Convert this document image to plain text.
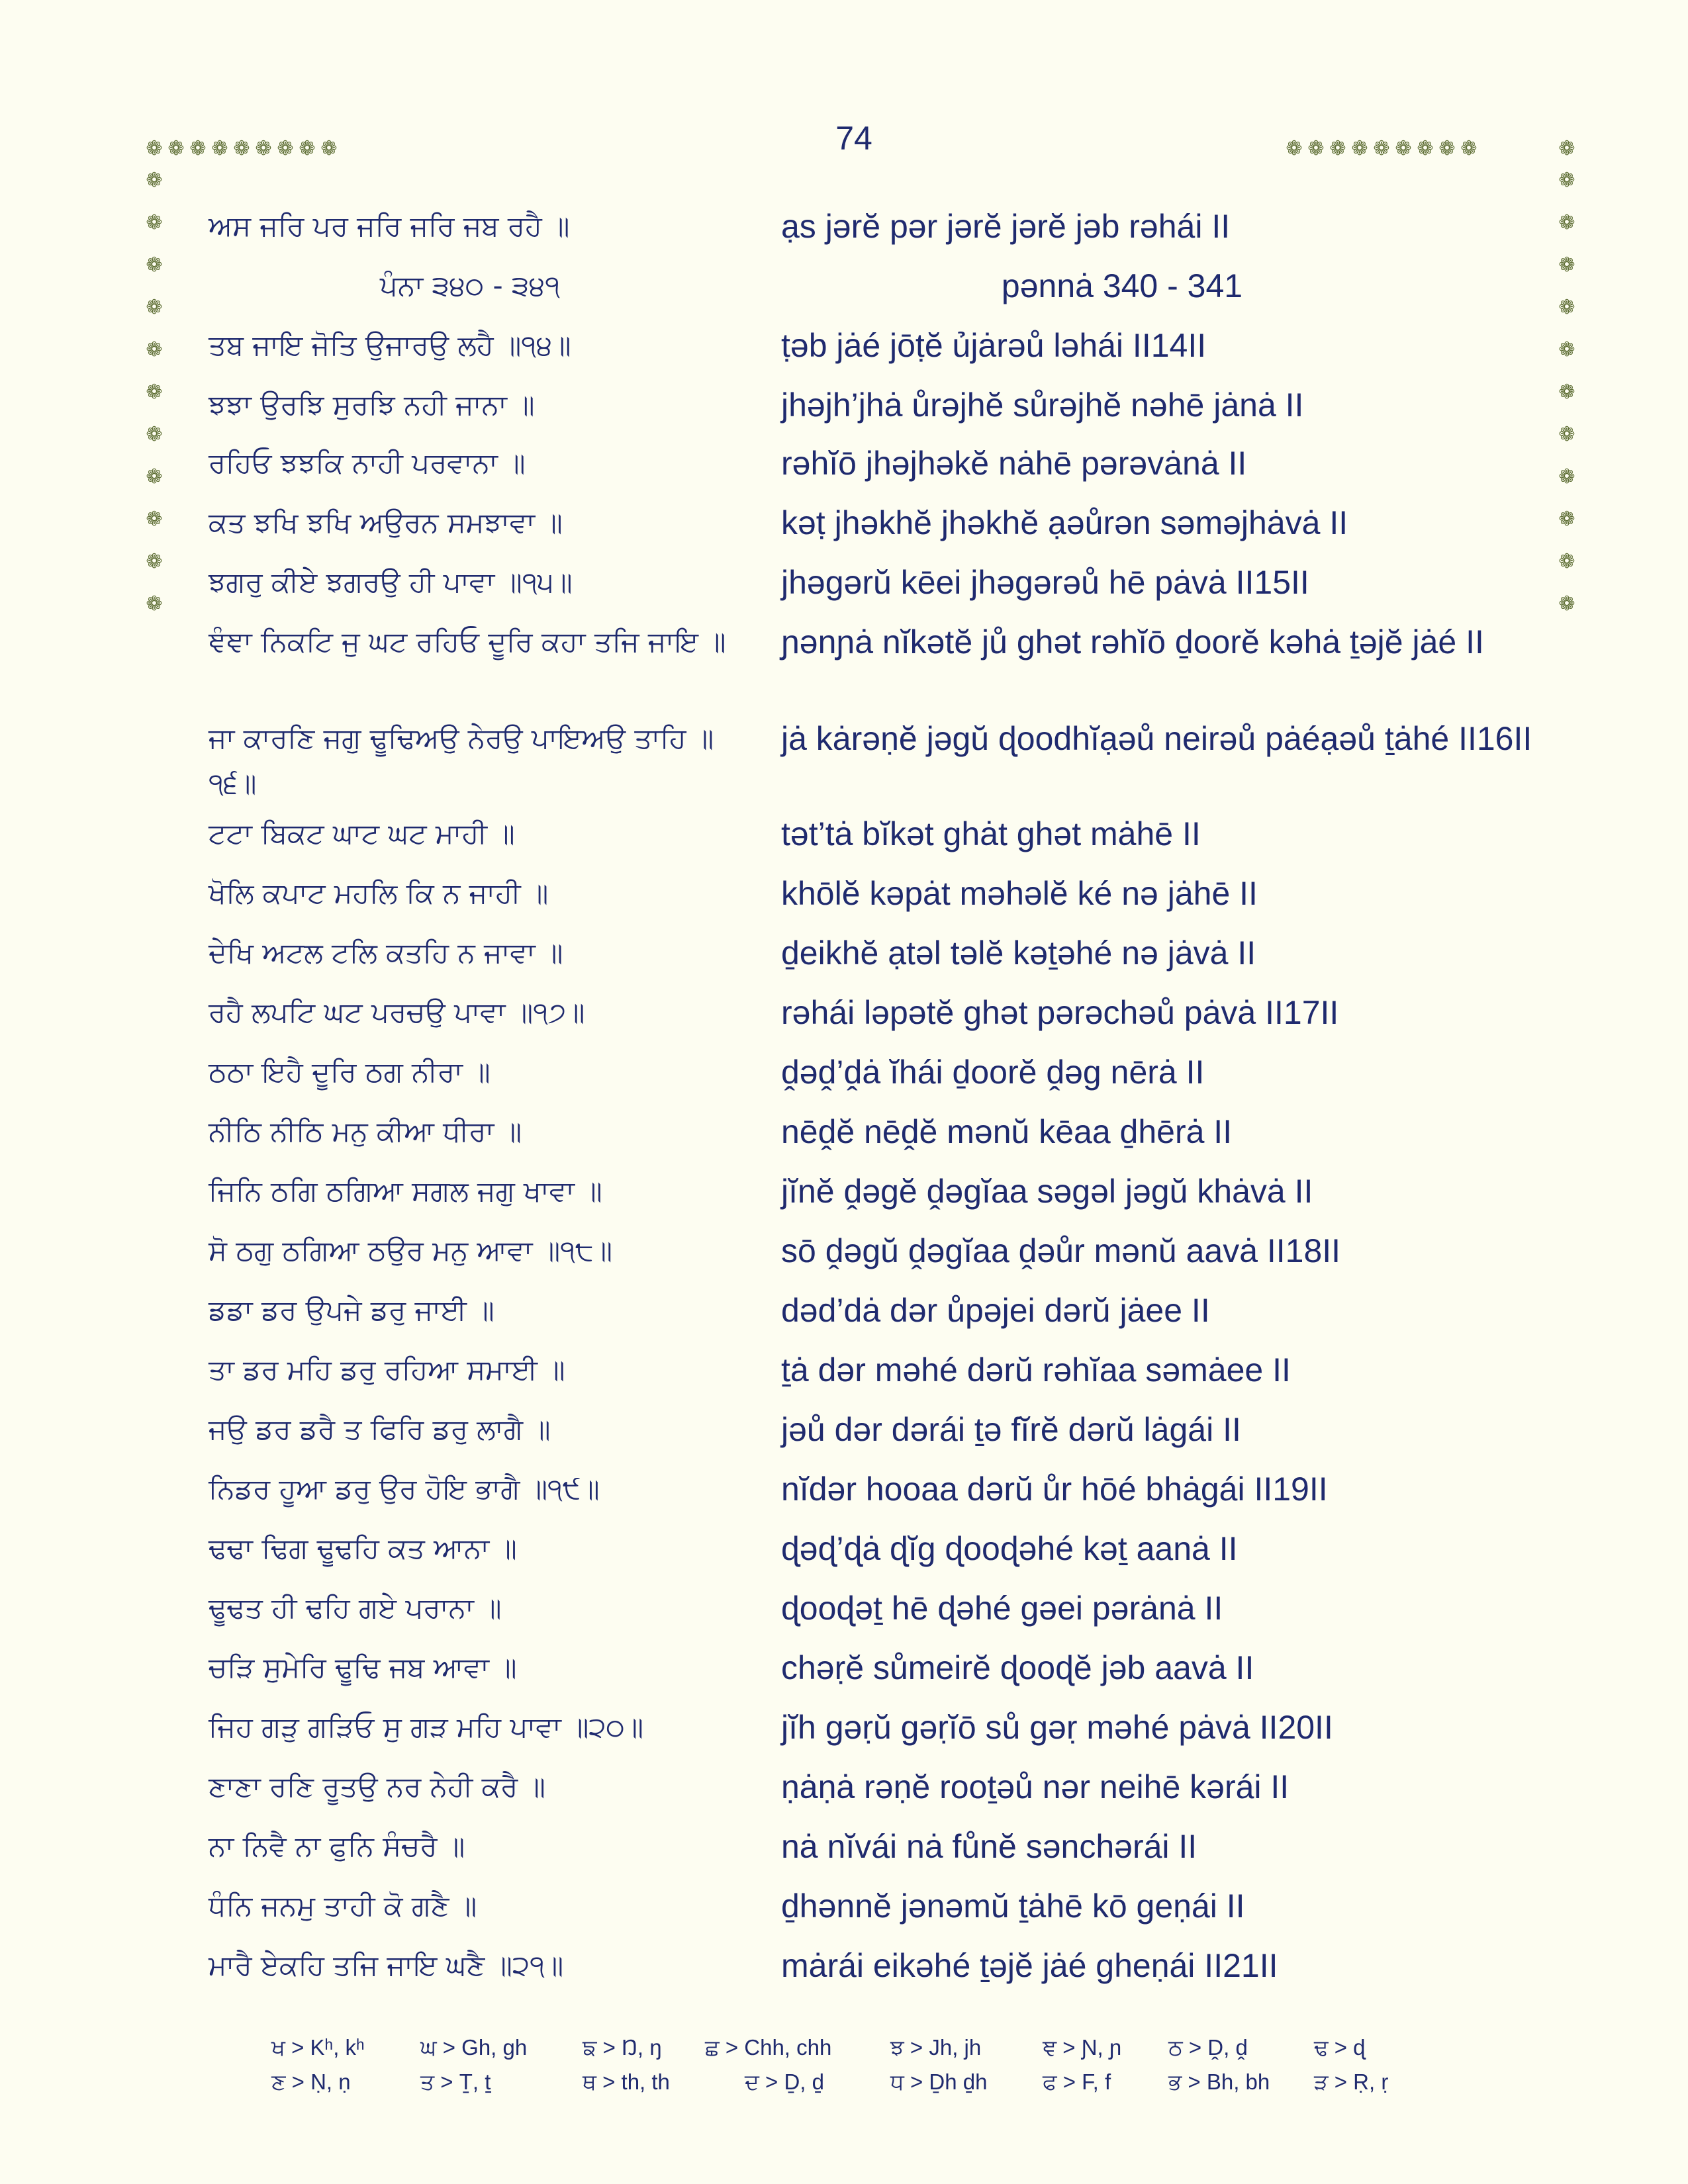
74
❁ ❁ ❁ ❁ ❁ ❁ ❁ ❁ ❁	❁ ❁ ❁ ❁ ❁ ❁ ❁ ❁ ❁	❁
❁
❁
❁
❁
❁
❁
❁
❁
❁
❁
❁
❁
❁
❁
❁
❁
❁
❁
❁
❁
❁
❁
ਅਸ ਜਰਿ ਪਰ ਜਰਿ ਜਰਿ ਜਬ ਰਹੈ ॥	ạs jərĕ pər jərĕ jərĕ jəb rəhái II
ਪੰਨਾ ੩੪੦ - ੩੪੧	pənnȧ 340 - 341
ਤਬ ਜਾਇ ਜੋਤਿ ਉਜਾਰਉ ਲਹੈ ॥੧੪॥	ṭəb jȧé jōṭĕ ủjȧrəů ləhái II14II
ਝਝਾ ਉਰਝਿ ਸੁਰਝਿ ਨਹੀ ਜਾਨਾ ॥	jhəjh’jhȧ ůrəjhĕ sůrəjhĕ nəhē jȧnȧ II
ਰਹਿਓ ਝਝਕਿ ਨਾਹੀ ਪਰਵਾਨਾ ॥	rəhĭō jhəjhəkĕ nȧhē pərəvȧnȧ II
ਕਤ ਝਖਿ ਝਖਿ ਅਉਰਨ ਸਮਝਾਵਾ ॥	kəṭ jhəkhĕ jhəkhĕ ạəůrən səməjhȧvȧ II
ਝਗਰੁ ਕੀਏ ਝਗਰਉ ਹੀ ਪਾਵਾ ॥੧੫॥	jhəgərŭ kēei jhəgərəů hē pȧvȧ II15II
ਞੰਞਾ ਨਿਕਟਿ ਜੁ ਘਟ ਰਹਿਓ ਦੂਰਿ ਕਹਾ ਤਜਿ ਜਾਇ ॥ ɲənɲȧ nĭkətĕ jů ghət rəhĭō ḏoorĕ kəhȧ ṯəjĕ jȧé II
ਜਾ ਕਾਰਣਿ ਜਗੁ ਢੂਢਿਅਉ ਨੇਰਉ ਪਾਇਅਉ ਤਾਹਿ ॥੧੬॥
jȧ kȧrəṇĕ jəgŭ ɖoodhĭạəů neirəů pȧéạəů ṯȧhé II16II
ਟਟਾ ਬਿਕਟ ਘਾਟ ਘਟ ਮਾਹੀ ॥	tət’tȧ bĭkət ghȧt ghət mȧhē II
ਖੋਲਿ ਕਪਾਟ ਮਹਲਿ ਕਿ ਨ ਜਾਹੀ ॥	khōlĕ kəpȧt məhəlĕ ké nə jȧhē II
ਦੇਖਿ ਅਟਲ ਟਲਿ ਕਤਹਿ ਨ ਜਾਵਾ ॥	ḏeikhĕ ạtəl təlĕ kəṯəhé nə jȧvȧ II
ਰਹੈ ਲਪਟਿ ਘਟ ਪਰਚਉ ਪਾਵਾ ॥੧੭॥	rəhái ləpətĕ ghət pərəchəů pȧvȧ II17II
ਠਠਾ ਇਹੈ ਦੂਰਿ ਠਗ ਨੀਰਾ ॥	ḓəḓ’ḓȧ ĭhái ḏoorĕ ḓəg nērȧ II
ਨੀਠਿ ਨੀਠਿ ਮਨੁ ਕੀਆ ਧੀਰਾ ॥	nēḓĕ nēḓĕ mənŭ kēaa ḏhērȧ II
ਜਿਨਿ ਠਗਿ ਠਗਿਆ ਸਗਲ ਜਗੁ ਖਾਵਾ ॥	jĭnĕ ḓəgĕ ḓəgĭaa səgəl jəgŭ khȧvȧ II
ਸੋ ਠਗੁ ਠਗਿਆ ਠਉਰ ਮਨੁ ਆਵਾ ॥੧੮॥	sō ḓəgŭ ḓəgĭaa ḓəůr mənŭ aavȧ II18II
ਡਡਾ ਡਰ ਉਪਜੇ ਡਰੁ ਜਾਈ ॥	dəd’dȧ dər ůpəjei dərŭ jȧee II
ਤਾ ਡਰ ਮਹਿ ਡਰੁ ਰਹਿਆ ਸਮਾਈ ॥	ṯȧ dər məhé dərŭ rəhĭaa səmȧee II
ਜਉ ਡਰ ਡਰੈ ਤ ਫਿਰਿ ਡਰੁ ਲਾਗੈ ॥	jəů dər dərái ṯə fĭrĕ dərŭ lȧgái II
ਨਿਡਰ ਹੂਆ ਡਰੁ ਉਰ ਹੋਇ ਭਾਗੈ ॥੧੯॥	nĭdər hooaa dərŭ ůr hōé bhȧgái II19II
ਢਢਾ ਢਿਗ ਢੂਢਹਿ ਕਤ ਆਨਾ ॥	ɖəɖ’ɖȧ ɖĭg ɖooɖəhé kəṯ aanȧ II
ਢੂਢਤ ਹੀ ਢਹਿ ਗਏ ਪਰਾਨਾ ॥	ɖooɖəṯ hē ɖəhé gəei pərȧnȧ II
ਚੜਿ ਸੁਮੇਰਿ ਢੂਢਿ ਜਬ ਆਵਾ ॥	chəṛĕ sůmeirĕ ɖooɖĕ jəb aavȧ II
ਜਿਹ ਗੜੁ ਗੜਿਓ ਸੁ ਗੜ ਮਹਿ ਪਾਵਾ ॥੨੦॥	jĭh gəṛŭ gəṛĭō sů gəṛ məhé pȧvȧ II20II
ਣਾਣਾ ਰਣਿ ਰੂਤਉ ਨਰ ਨੇਹੀ ਕਰੈ ॥	ṇȧṇȧ rəṇĕ rooṯəů nər neihē kərái II
ਨਾ ਨਿਵੈ ਨਾ ਫੁਨਿ ਸੰਚਰੈ ॥	nȧ nĭvái nȧ fůnĕ sənchərái II
ਧੰਨਿ ਜਨਮੁ ਤਾਹੀ ਕੋ ਗਣੈ ॥	ḏhənnĕ jənəmŭ ṯȧhē kō geṇái II
ਮਾਰੈ ਏਕਹਿ ਤਜਿ ਜਾਇ ਘਣੈ ॥੨੧॥	mȧrái eikəhé ṯəjĕ jȧé gheṇái II21II
ਖ > Kʰ, kʰ	ਘ > Gh, gh	ਙ > Ŋ, ŋ ਛ > Chh, chh	ਝ > Jh, jh	ਞ > Ɲ, ɲ ਠ > Ḓ, ḓ	ਢ > ɖ
ਣ > Ṇ, ṇ	ਤ > Ṯ, ṯ	ਥ > th, th	ਦ > Ḏ, ḏ	ਧ > Ḏh ḏh	ਫ > F, f	ਭ > Bh, bh ੜ > Ṛ, ṛ
